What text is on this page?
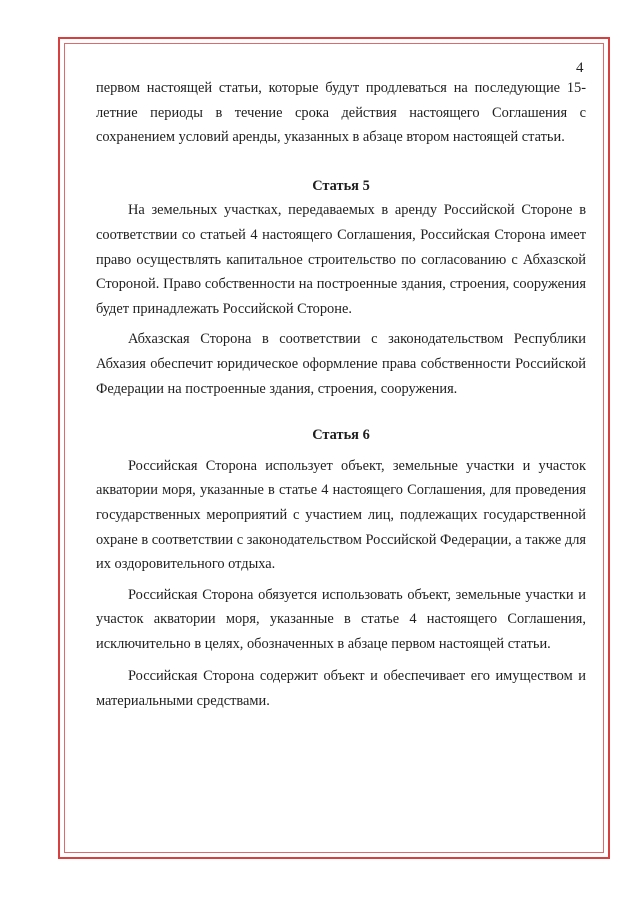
4

первом настоящей статьи, которые будут продлеваться на последующие 15-летние периоды в течение срока действия настоящего Соглашения с сохранением условий аренды, указанных в абзаце втором настоящей статьи.

Статья 5

На земельных участках, передаваемых в аренду Российской Стороне в соответствии со статьей 4 настоящего Соглашения, Российская Сторона имеет право осуществлять капитальное строительство по согласованию с Абхазской Стороной. Право собственности на построенные здания, строения, сооружения будет принадлежать Российской Стороне.

Абхазская Сторона в соответствии с законодательством Республики Абхазия обеспечит юридическое оформление права собственности Российской Федерации на построенные здания, строения, сооружения.

Статья 6

Российская Сторона использует объект, земельные участки и участок акватории моря, указанные в статье 4 настоящего Соглашения, для проведения государственных мероприятий с участием лиц, подлежащих государственной охране в соответствии с законодательством Российской Федерации, а также для их оздоровительного отдыха.

Российская Сторона обязуется использовать объект, земельные участки и участок акватории моря, указанные в статье 4 настоящего Соглашения, исключительно в целях, обозначенных в абзаце первом настоящей статьи.

Российская Сторона содержит объект и обеспечивает его имуществом и материальными средствами.
